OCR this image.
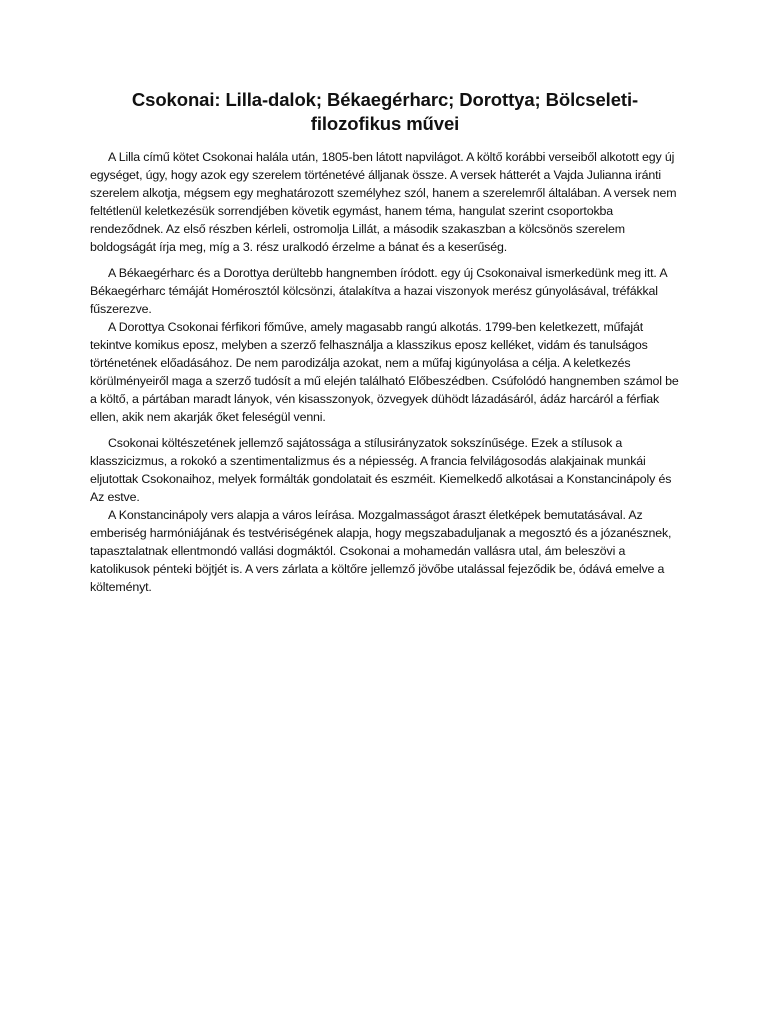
Csokonai: Lilla-dalok; Békaegérharc; Dorottya; Bölcseleti-filozofikus művei

A Lilla című kötet Csokonai halála után, 1805-ben látott napvilágot. A költő korábbi verseiből alkotott egy új egységet, úgy, hogy azok egy szerelem történetévé álljanak össze. A versek hátterét a Vajda Julianna iránti szerelem alkotja, mégsem egy meghatározott személyhez szól, hanem a szerelemről általában. A versek nem feltétlenül keletkezésük sorrendjében követik egymást, hanem téma, hangulat szerint csoportokba rendeződnek. Az első részben kérleli, ostromolja Lillát, a második szakaszban a kölcsönös szerelem boldogságát írja meg, míg a 3. rész uralkodó érzelme a bánat és a keserűség.

A Békaegérharc és a Dorottya derültebb hangnemben íródott. egy új Csokonaival ismerkedünk meg itt. A Békaegérharc témáját Homérosztól kölcsönzi, átalakítva a hazai viszonyok merész gúnyolásával, tréfákkal fűszerezve.

A Dorottya Csokonai férfikori főműve, amely magasabb rangú alkotás. 1799-ben keletkezett, műfaját tekintve komikus eposz, melyben a szerző felhasználja a klasszikus eposz kelléket, vidám és tanulságos történetének előadásához. De nem parodizálja azokat, nem a műfaj kigúnyolása a célja. A keletkezés körülményeiről maga a szerző tudósít a mű elején található Előbeszédben. Csúfolódó hangnemben számol be a költő, a pártában maradt lányok, vén kisasszonyok, özvegyek dühödt lázadásáról, ádáz harcáról a férfiak ellen, akik nem akarják őket feleségül venni.

Csokonai költészetének jellemző sajátossága a stílusirányzatok sokszínűsége. Ezek a stílusok a klasszicizmus, a rokokó a szentimentalizmus és a népiesség. A francia felvilágosodás alakjainak munkái eljutottak Csokonaihoz, melyek formálták gondolatait és eszméit. Kiemelkedő alkotásai a Konstancinápoly és Az estve.

A Konstancinápoly vers alapja a város leírása. Mozgalmasságot áraszt életképek bemutatásával. Az emberiség harmóniájának és testvériségének alapja, hogy megszabaduljanak a megosztó és a józanésznek, tapasztalatnak ellentmondó vallási dogmáktól. Csokonai a mohamedán vallásra utal, ám beleszövi a katolikusok pénteki böjtjét is. A vers zárlata a költőre jellemző jövőbe utalással fejeződik be, ódává emelve a költeményt.
